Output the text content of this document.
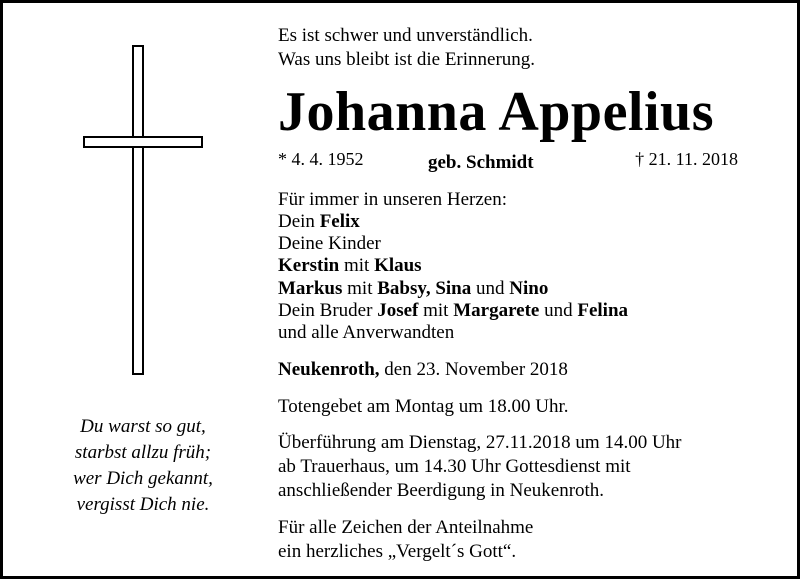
Du warst so gut,
starbst allzu früh;
wer Dich gekannt,
vergisst Dich nie.
Es ist schwer und unverständlich.
Was uns bleibt ist die Erinnerung.
Johanna Appelius
* 4. 4. 1952	geb. Schmidt	† 21. 11. 2018
Für immer in unseren Herzen:
Dein Felix
Deine Kinder
Kerstin mit Klaus
Markus mit Babsy, Sina und Nino
Dein Bruder Josef mit Margarete und Felina
und alle Anverwandten
Neukenroth, den 23. November 2018
Totengebet am Montag um 18.00 Uhr.
Überführung am Dienstag, 27.11.2018 um 14.00 Uhr
ab Trauerhaus, um 14.30 Uhr Gottesdienst mit
anschließender Beerdigung in Neukenroth.
Für alle Zeichen der Anteilnahme
ein herzliches „Vergelt´s Gott“.
